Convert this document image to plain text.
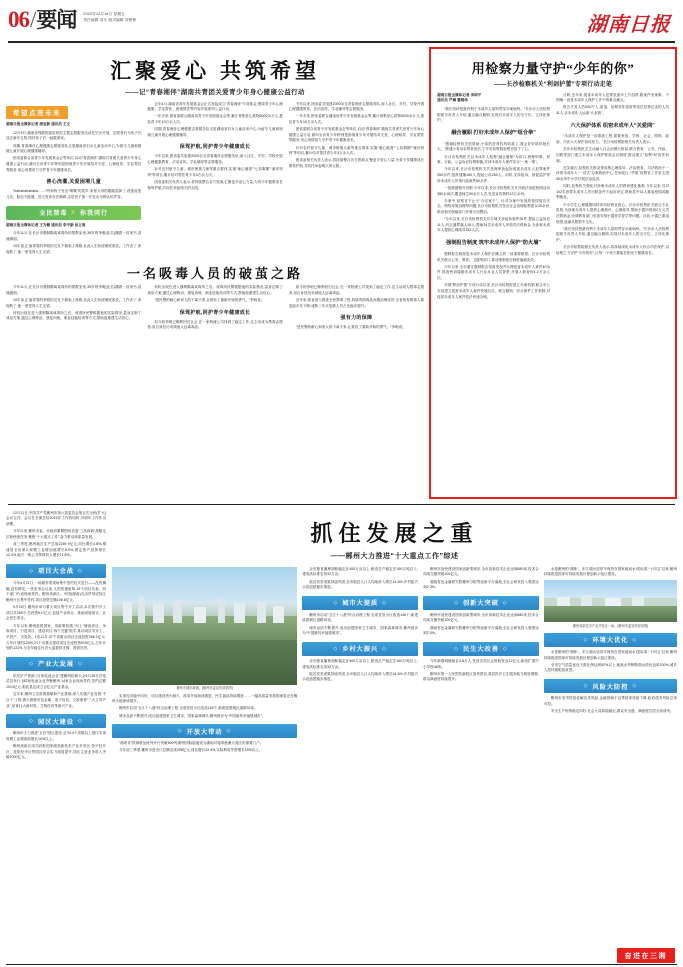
06/要闻 2022年12月16日 星期五
责任编辑 刘永 版式编辑 刘铮铮	湖南日报
汇聚爱心 共筑希望
——记“青春湘伴”湖南共青团关爱青少年身心健康公益行动
希望点亮未来
湖南日报全媒体记者 唐亚新 通讯员 王文

12月5日,湖南省残联团委组织的主题志愿服务活动在长沙开展。志愿者们为孩子们送去新年礼物,陪伴孩子们一起做游戏。

同期,青春湘伴心理健康志愿服务队走进湖南省妇女儿童活动中心,为留守儿童和困境儿童开展心理健康辅导。

团省委联合省青少年发展基金会等单位,启动“青春湘伴”湖南共青团关爱青少年身心健康公益行动,面向全省青少年特别是困境青少年开展结对关爱、心理疏导、学业帮扶等服务,用心用情用力守护青少年健康成长。

善心浇灌,关爱困境儿童

“hahahahahaha……”听到孩子发出“嘎嘎”的笑声,家里父母的眼眶湿润了,孤独症患儿音、脸色不能通、语言发育存在障碍,这是孩子第一次发出可辨认的声音。

全民禁毒 ⚡ 你我同行
湖南日报全媒体记者 王为薇 通讯员 李平新 易立南

今年11月,在长沙市强制隔离戒毒所的帮教室里,39岁的李明(化名)攥着一封家书,泪流满面。

10年前,正值青春的李明因交友不慎染上毒瘾,从此人生轨迹彻底改变。工作丢了,家庭散了,他一度觉得人生无望。

去年4月,湖南省青年发展基金会正式发起成立“青春湘伴”专项基金,围绕青少年心理健康、学业帮扶、困境帮扶等内容开展系列公益行动。

一年多来,团省委联合湖南省青少年发展基金会等,累计募集爱心款物5000余万元,惠及青少年10万余人次。

同期,青春湘伴心理健康志愿服务队走进湖南省妇女儿童活动中心,为留守儿童和困境儿童开展心理健康辅导。

保驾护航,同护青少年健康成长

今年以来,团省委共组建2000余支青春湘伴志愿服务队,深入社区、乡村、学校开展心理健康教育、法治宣传、学业辅导等志愿服务。

针对农村留守儿童、城市困境儿童等重点群体,实施“童心港湾”“七彩假期”“童伴妈妈”等项目,累计结对帮扶青少年3万余人次。

团省委相关负责人表示,将持续整合各方资源,汇聚更多爱心力量,为青少年健康成长保驾护航,共同托举起明天的太阳。

今年以来,团省委共组建2000余支青春湘伴志愿服务队,深入社区、乡村、学校开展心理健康教育、法治宣传、学业辅导等志愿服务。

一年多来,团省委联合湖南省青少年发展基金会等,累计募集爱心款物5000余万元,惠及青少年10万余人次。

团省委联合省青少年发展基金会等单位,启动“青春湘伴”湖南共青团关爱青少年身心健康公益行动,面向全省青少年特别是困境青少年开展结对关爱、心理疏导、学业帮扶等服务,用心用情用力守护青少年健康成长。

针对农村留守儿童、城市困境儿童等重点群体,实施“童心港湾”“七彩假期”“童伴妈妈”等项目,累计结对帮扶青少年3万余人次。

团省委相关负责人表示,将持续整合各方资源,汇聚更多爱心力量,为青少年健康成长保驾护航,共同托举起明天的太阳。

一名吸毒人员的破茧之路

今年11月,在长沙市强制隔离戒毒所的帮教室里,39岁的李明(化名)攥着一封家书,泪流满面。

10年前,正值青春的李明因交友不慎染上毒瘾,从此人生轨迹彻底改变。工作丢了,家庭散了,他一度觉得人生无望。

转机出现在进入强制隔离戒毒所之后。戒毒所民警根据他的实际情况,量身定制了戒治方案,通过心理矫治、康复训练、职业技能培训等方式,帮助他重建生活信心。

转机出现在进入强制隔离戒毒所之后。戒毒所民警根据他的实际情况,量身定制了戒治方案,通过心理矫治、康复训练、职业技能培训等方式,帮助他重建生活信心。

“是民警的耐心和家人的不离不弃,让我有了重新开始的勇气。”李明说。

保驾护航,同护青少年健康成长

如今的李明已顺利回归社会,在一家物流公司找到了稳定工作,还主动成为禁毒志愿者,用自身经历劝诫他人远离毒品。

如今的李明已顺利回归社会,在一家物流公司找到了稳定工作,还主动成为禁毒志愿者,用自身经历劝诫他人远离毒品。

近年来,我省深入推进全民禁毒工程,持续巩固毒品问题治理成效,全省现有吸毒人数连续多年下降,戒断三年未复吸人员占比稳步提升。

强有力的保障

“是民警的耐心和家人的不离不弃,让我有了重新开始的勇气。”李明说。

用检察力量守护“少年的你”
——长沙检察机关“利剑护蕾”专项行动走笔
湖南日报全媒体记者 李国平
通讯员 严琳 董婧祎

“我们坚持把最有利于未成年人原则贯穿办案始终。”长沙市人民检察院相关负责人介绍,通过融合履职,实现对未成年人的全方位、立体化保护。

融合履职 打好未成年人保护“组合拳”

“感谢检察机关的帮助,小希的扶养权判给我了,我会好好陪伴她长大。”拨通小希母亲的来电后,宁乡市检察院检察官放下了心。

长沙市检察机关以未成年人检察“融合履职”为切口,统筹刑事、民事、行政、公益诉讼检察职能,对涉未成年人案件实行“一案一策”。

今年以来,长沙市检察机关共受理审查起诉侵害未成年人犯罪案件260余件,批准逮捕180人,提起公诉250人。同时,支持起诉、督促监护等涉未成年人民事行政案件60余件。

一组数据格外亮眼:今年以来,长沙市检察机关共开展法治进校园活动380余场次,覆盖师生50余万人次,发放宣传资料12万余份。

办案中,检察官不止于“办完案子”。针对办案中发现的校园周边安全、网络环境治理等问题,长沙市检察机关发出社会治理检察建议40余份,推动相关职能部门开展专项整治。

“今年以来,长沙市检察机关共办理支持起诉案件26件,提起公益诉讼11人,纠正漏罪漏人26人,帮助34名未成年人申领司法救助金,为涉案未成年人提供心理疏导342人次。

强制报告制度 筑牢未成年人保护“防火墙”

强制报告制度是未成年人保护法确立的一项重要制度。长沙市检察机关联合公安、教育、卫健等部门,推动强制报告制度落地见效。

今年以来,全市通过强制报告渠道发现并办理侵害未成年人案件40余件,排查密切接触未成年人行业从业人员背景,开展入职查询1.2万余人次。

开展“利剑护蕾”专项行动以来,长沙市检察院建立办案机制,联合市公安局建立侵害未成年人案件快速反应、联合履职、综合保护工作机制,对侵害未成年人案件依法快速办理。

反映,近年来,侵害未成年人犯罪呈逐年上升趋势,隐案件发现难、干预晚一直是未成年人保护工作中的难点痛点。

报告义务人员53277人,清退、处理有性侵害等违法犯罪记录的人员11人,让未成年人远离“大灰狼”。

六大保护体系 织密未成年人“关爱网”

“未成年人保护是一项系统工程,需要家庭、学校、社会、网络、政府、司法六大保护协同发力。”长沙市检察院相关负责人表示。

长沙市检察机关主动融入社会治理大格局,联合教育、公安、民政、妇联等部门建立未成年人保护联席会议制度,推动建立“检察+N”协作机制。

在芙蓉区,检察机关推动建成集心理疏导、法治教育、司法救助于一体的未成年人“一站式”办案救助中心;在雨花区,“莎姐”检察官工作室走进30余所中小学开展法治巡讲。

同时,检察机关强化对涉案未成年人的教育感化挽救,今年以来,共对102名涉罪未成年人作出附条件不起诉决定,帮助其中31人重返校园或顺利就业。

中小学生心理健康同样牵动检察官的心。长沙市检察机关联合专业机构,为涉案未成年人提供心理测评、心理疏导,帮助小霞申领到2万元司法救助金,协调教育部门妥善安排小霞转学复学等问题。目前,小霞已重返校园,逐渐从阴影中走出。

“我们坚持把最有利于未成年人原则贯穿办案始终。”长沙市人民检察院相关负责人介绍,通过融合履职,实现对未成年人的全方位、立体化保护。

长沙市检察院相关负责人表示,将持续深化未成年人综合司法保护,以检察之力守护“少年的你”,让每一个孩子都能在阳光下健康成长。

12月11日,中国共产党郴州市第六届委员会第五次全体(扩大)会议召开。会议在全面总结2022年工作的同时,对明年工作作出部署。

今年以来,郴州市委、市政府紧紧围绕省委“三高四新”战略定位和使命任务,聚焦“十大重点工作”,奋力推动高质量发展。

前三季度,郴州地区生产总值2269.9亿元,同比增长4.8%,增速居全省第2;规模工业增加值增长8.9%,固定资产投资增长12.4%,地方一般公共预算收入增长11.8%。

◇ 项目大会战 ◇

今年4月21日,一场简朴的现场集中签约仪式进行——没有横幅,没有鲜花,一张条形会议桌,几把普通座椅,19个项目代表、四个部门代表现场签约。郴州高新区、中国(湖南)自由贸易试验区郴州片区集中签约,项目投资总额106.6亿元。

9月15日,郴州市举行重大项目集中开工活动,本次集中开工项目共269个,总投资517亿元,包括产业项目、基础设施项目、社会民生项目。

今年以来,郴州抢抓国家、省政策机遇,“四上”储备项目、争取项目、引进项目、建设项目“四个关键”抓手,推动项目早开工、早投产、早见效。1至11月,37个省重点项目完成投资266.2亿元,占年计划的120%,21个市重点建设项目完成投资915亿元,占年计划的131%,为全年稳住经济大盘提供支撑、提供后劲。

◇ 产业大发展 ◇

依托矿产资源,“百家电池企业”建郴州招商大会6月18日在临武县举行,182家电池企业齐聚郴州,14家企业现场签约,签约总额1013亿元,临武县还成立百亿元产业基金。

近年来,郴州立足资源禀赋和产业基础,深入实施产业发展“千百十”工程,做大做强有色金属、电子信息、文旅康养“三大主导产业”,培育壮大新材料、生物医药等新兴产业。

◇ 园区大建设 ◇

郴州市大力推进“五好”园区建设,全市14个省级以上园区实现规模工业增加值增长10%以上。

郴州高新区成功获批国家级高新技术产业开发区,资兴经开区、桂阳经开区等园区综合实力明显提升,园区主营业务收入突破2000亿元。

抓住发展之重
——郴州大力推进“十大重点工作”综述
郴州市城市新貌。(郴州市委宣传部供图)

实体经济稳中向好、项目建设热火朝天、改革开放纵深推进、民生福祉持续增进……一幅高质量发展的画卷正在郴州大地徐徐展开。

郴州市启动“五江十八港”综合治理工程,完成老旧小区改造146个,新建改建城区道路32条。

城市品质不断提升,成功创建国家卫生城市、国家森林城市,郴州被评为“中国最具幸福感城市”。

◇ 开放大带动 ◇

“湘粤非”铁海联运班列开行突破500列,郴州国际陆港成为湖南对接粤港澳大湾区的重要门户。

今年前三季度,郴州市进出口总额完成296亿元,同比增长22.3%,实际利用外资增长15%以上。

全市粮食播种面积稳定在400万亩以上,粮食总产稳定在160万吨以上,建成高标准农田32万亩。

脱贫攻坚成果持续巩固,全市脱贫人口人均纯收入增长14.6%,乡村振兴示范创建稳步推进。

◇ 城市大提质 ◇

郴州市启动“五江十八港”综合治理工程,完成老旧小区改造146个,新建改建城区道路32条。

城市品质不断提升,成功创建国家卫生城市、国家森林城市,郴州被评为“中国最具幸福感城市”。

◇ 乡村大振兴 ◇

全市粮食播种面积稳定在400万亩以上,粮食总产稳定在160万吨以上,建成高标准农田32万亩。

脱贫攻坚成果持续巩固,全市脱贫人口人均纯收入增长14.6%,乡村振兴示范创建稳步推进。

郴州市加快建设国家创新型城市,全市高新技术企业达到680家,技术合同成交额突破100亿元。

湖南有色金属研究院郴州分院等创新平台落地,全社会研发投入强度达到2.3%。

◇ 创新大突破 ◇

郴州市加快建设国家创新型城市,全市高新技术企业达到680家,技术合同成交额突破100亿元。

湖南有色金属研究院郴州分院等创新平台落地,全社会研发投入强度达到2.3%。

◇ 民生大改善 ◇

今年新增城镇就业4.8万人,发放各类社会救助资金12亿元,新改扩建中小学校48所。

郴州市第一人民医院新院区加快建设,基层医疗卫生服务能力明显增强,群众满意度持续提升。

水是郴州的“命脉”。东江湖水质常年保持在国家地表水Ⅰ类标准,“十四五”以来,郴州持续推进国家可持续发展议程创新示范区建设。

郴州高新技术产业开发区一角。(郴州市委宣传部供图)
◇ 环境大优化 ◇

水是郴州的“命脉”。东江湖水质常年保持在国家地表水Ⅰ类标准,“十四五”以来,郴州持续推进国家可持续发展议程创新示范区建设。

全市空气质量优良天数比例达到92%以上,地表水考核断面水质优良率100%,城乡人居环境明显改善。

◇ 风险大防控 ◇

郴州市坚决防范化解各类风险,金融领域不良贷款率持续下降,政府债务风险总体可控。

安全生产形势稳定向好,社会大局和谐稳定,群众安全感、满意度位居全省前列。

奋进在三湘
